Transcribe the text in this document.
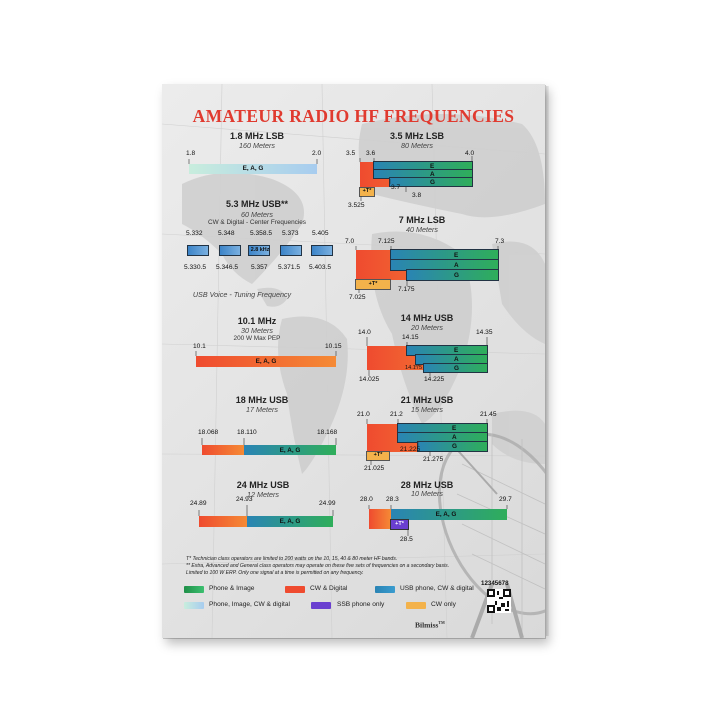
AMATEUR RADIO HF FREQUENCIES
1.8 MHz LSB
160 Meters
1.8	2.0
E, A, G
3.5 MHz LSB
80 Meters
3.5 3.6	4.0
E
A
G
+T*
3.525
3.7
3.8
5.3 MHz USB**
60 Meters
CW & Digital - Center Frequencies
5.332 5.348 5.358.5 5.373 5.405
2.8 kHz
5.330.5 5.346.5 5.357 5.371.5 5.403.5
USB Voice - Tuning Frequency
7 MHz LSB
40 Meters
7.0	7.125	7.3
E
A
G
+T*
7.025
7.175
10.1 MHz
30 Meters
200 W Max PEP
10.1	10.15
E, A, G
14 MHz USB
20 Meters
14.0
14.15
14.35
E
A
G
14.025
14.175
14.225
18 MHz USB
17 Meters
18.068	18.110	18.168
E, A, G
21 MHz USB
15 Meters
21.0	21.2	21.45
E
A
G
+T*
21.025
21.225
21.275
24 MHz USB
12 Meters
24.89
24.93
24.99
E, A, G
28 MHz USB
10 Meters
28.0 28.3	29.7
E, A, G
+T*
28.5
T* Technician class operators are limited to 200 watts on the 10, 15, 40 & 80 meter HF bands.
** Extra, Advanced and General class operators may operate on these five sets of frequencies on a secondary basis.
Limited to 100 W ERP. Only one signal at a time is permitted on any frequency.
Phone & Image	CW & Digital	USB phone, CW & digital
Phone, Image, CW & digital	SSB phone only	CW only
12345678
Bilmiss™
